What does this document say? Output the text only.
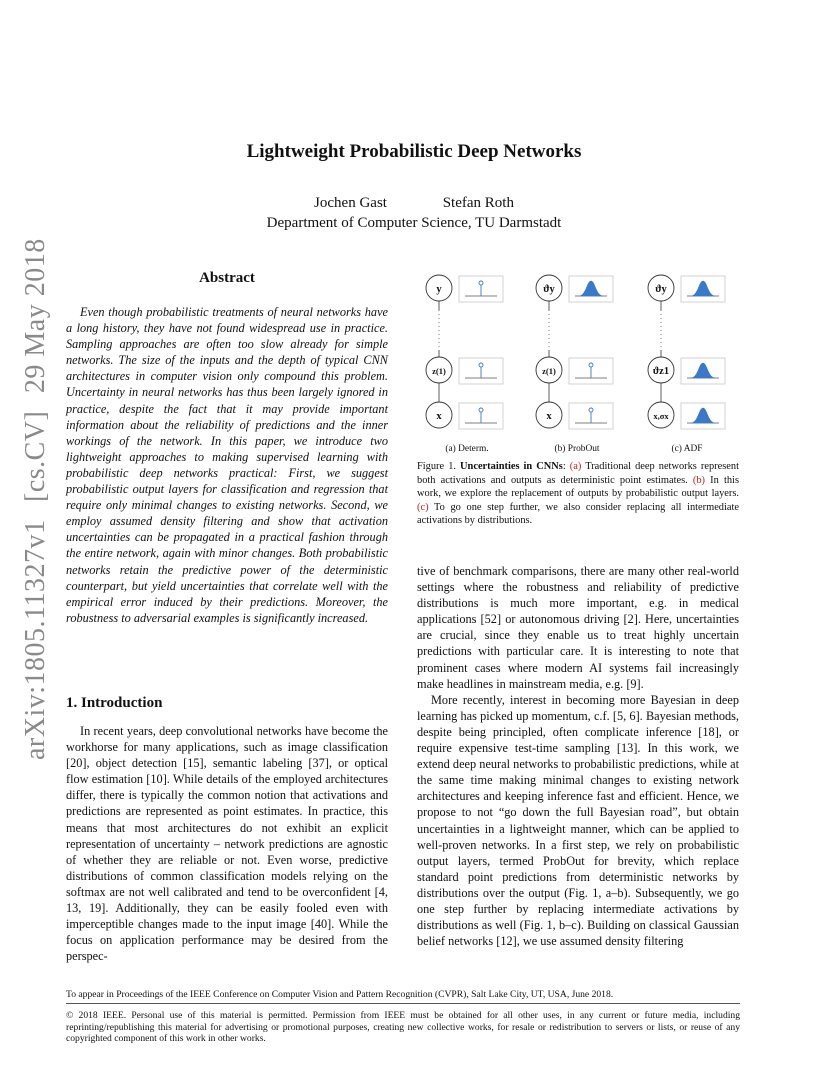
arXiv:1805.11327v1 [cs.CV] 29 May 2018
Lightweight Probabilistic Deep Networks
Jochen Gast	Stefan Roth
Department of Computer Science, TU Darmstadt
Abstract

Even though probabilistic treatments of neural networks have a long history, they have not found widespread use in practice. Sampling approaches are often too slow already for simple networks. The size of the inputs and the depth of typical CNN architectures in computer vision only compound this problem. Uncertainty in neural networks has thus been largely ignored in practice, despite the fact that it may provide important information about the reliability of predictions and the inner workings of the network. In this paper, we introduce two lightweight approaches to making supervised learning with probabilistic deep networks practical: First, we suggest probabilistic output layers for classification and regression that require only minimal changes to existing networks. Second, we employ assumed density filtering and show that activation uncertainties can be propagated in a practical fashion through the entire network, again with minor changes. Both probabilistic networks retain the predictive power of the deterministic counterpart, but yield uncertainties that correlate well with the empirical error induced by their predictions. Moreover, the robustness to adversarial examples is significantly increased.

1. Introduction

In recent years, deep convolutional networks have become the workhorse for many applications, such as image classification [20], object detection [15], semantic labeling [37], or optical flow estimation [10]. While details of the employed architectures differ, there is typically the common notion that activations and predictions are represented as point estimates. In practice, this means that most architectures do not exhibit an explicit representation of uncertainty – network predictions are agnostic of whether they are reliable or not. Even worse, predictive distributions of common classification models relying on the softmax are not well calibrated and tend to be overconfident [4, 13, 19]. Additionally, they can be easily fooled even with imperceptible changes made to the input image [40]. While the focus on application performance may be desired from the perspec-

y
z(1)
x
ϑy
z(1)
x
ϑy
ϑz1
x,σx
(a) Determ.	(b) ProbOut	(c) ADF
Figure 1. Uncertainties in CNNs: (a) Traditional deep networks represent both activations and outputs as deterministic point estimates. (b) In this work, we explore the replacement of outputs by probabilistic output layers. (c) To go one step further, we also consider replacing all intermediate activations by distributions.

tive of benchmark comparisons, there are many other real-world settings where the robustness and reliability of predictive distributions is much more important, e.g. in medical applications [52] or autonomous driving [2]. Here, uncertainties are crucial, since they enable us to treat highly uncertain predictions with particular care. It is interesting to note that prominent cases where modern AI systems fail increasingly make headlines in mainstream media, e.g. [9].

More recently, interest in becoming more Bayesian in deep learning has picked up momentum, c.f. [5, 6]. Bayesian methods, despite being principled, often complicate inference [18], or require expensive test-time sampling [13]. In this work, we extend deep neural networks to probabilistic predictions, while at the same time making minimal changes to existing network architectures and keeping inference fast and efficient. Hence, we propose to not “go down the full Bayesian road”, but obtain uncertainties in a lightweight manner, which can be applied to well-proven networks. In a first step, we rely on probabilistic output layers, termed ProbOut for brevity, which replace standard point predictions from deterministic networks by distributions over the output (Fig. 1, a–b). Subsequently, we go one step further by replacing intermediate activations by distributions as well (Fig. 1, b–c). Building on classical Gaussian belief networks [12], we use assumed density filtering

To appear in Proceedings of the IEEE Conference on Computer Vision and Pattern Recognition (CVPR), Salt Lake City, UT, USA, June 2018.
© 2018 IEEE. Personal use of this material is permitted. Permission from IEEE must be obtained for all other uses, in any current or future media, including reprinting/republishing this material for advertising or promotional purposes, creating new collective works, for resale or redistribution to servers or lists, or reuse of any copyrighted component of this work in other works.
